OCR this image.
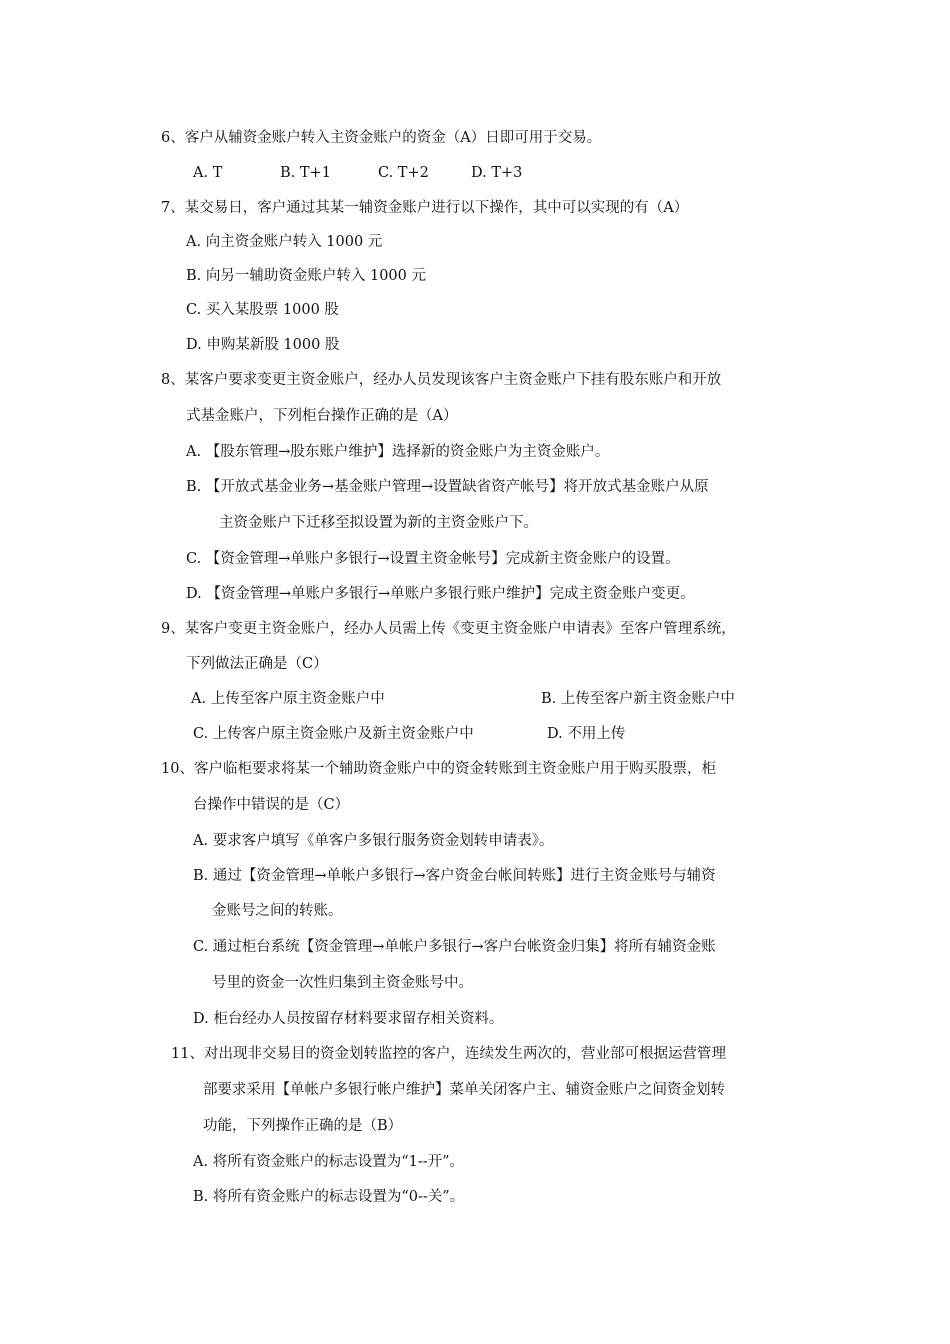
6、客户从辅资金账户转入主资金账户的资金（A）日即可用于交易。
A. T	B. T+1	C. T+2	D. T+3
7、某交易日，客户通过其某一辅资金账户进行以下操作，其中可以实现的有（A）
A. 向主资金账户转入 1000 元
B. 向另一辅助资金账户转入 1000 元
C. 买入某股票 1000 股
D. 申购某新股 1000 股
8、某客户要求变更主资金账户，经办人员发现该客户主资金账户下挂有股东账户和开放
式基金账户，下列柜台操作正确的是（A）
A. 【股东管理→股东账户维护】选择新的资金账户为主资金账户。
B. 【开放式基金业务→基金账户管理→设置缺省资产帐号】将开放式基金账户从原
主资金账户下迁移至拟设置为新的主资金账户下。
C. 【资金管理→单账户多银行→设置主资金帐号】完成新主资金账户的设置。
D. 【资金管理→单账户多银行→单账户多银行账户维护】完成主资金账户变更。
9、某客户变更主资金账户，经办人员需上传《变更主资金账户申请表》至客户管理系统，
下列做法正确是（C）
A. 上传至客户原主资金账户中	B. 上传至客户新主资金账户中
C. 上传客户原主资金账户及新主资金账户中	D. 不用上传
10、客户临柜要求将某一个辅助资金账户中的资金转账到主资金账户用于购买股票，柜
台操作中错误的是（C）
A. 要求客户填写《单客户多银行服务资金划转申请表》。
B. 通过【资金管理→单帐户多银行→客户资金台帐间转账】进行主资金账号与辅资
金账号之间的转账。
C. 通过柜台系统【资金管理→单帐户多银行→客户台帐资金归集】将所有辅资金账
号里的资金一次性归集到主资金账号中。
D. 柜台经办人员按留存材料要求留存相关资料。
11、对出现非交易目的资金划转监控的客户，连续发生两次的，营业部可根据运营管理
部要求采用【单帐户多银行帐户维护】菜单关闭客户主、辅资金账户之间资金划转
功能，下列操作正确的是（B）
A. 将所有资金账户的标志设置为“1--开”。
B. 将所有资金账户的标志设置为“0--关”。
